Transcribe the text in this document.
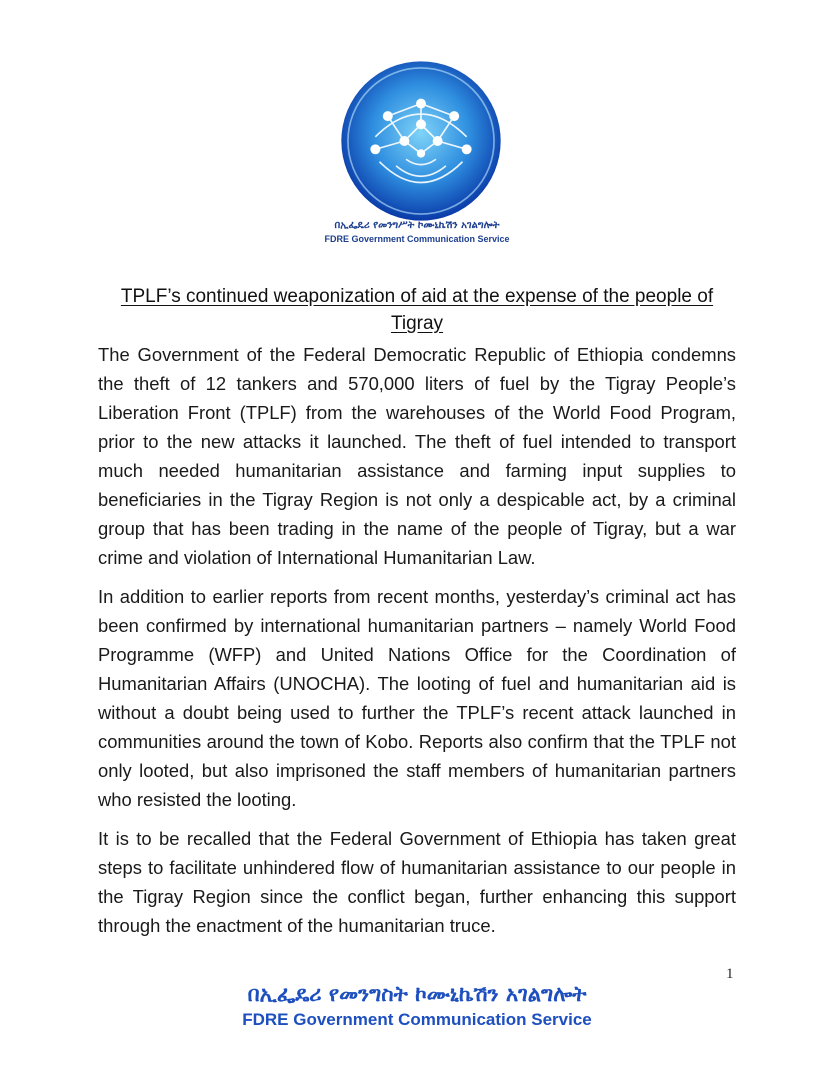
በኢፌዴሪ የመንግሥት ኮሙኒኬሽን አገልግሎት
FDRE Government Communication Service
TPLF’s continued weaponization of aid at the expense of the people of Tigray

The Government of the Federal Democratic Republic of Ethiopia condemns the theft of 12 tankers and 570,000 liters of fuel by the Tigray People’s Liberation Front (TPLF) from the warehouses of the World Food Program, prior to the new attacks it launched. The theft of fuel intended to transport much needed humanitarian assistance and farming input supplies to beneficiaries in the Tigray Region is not only a despicable act, by a criminal group that has been trading in the name of the people of Tigray, but a war crime and violation of International Humanitarian Law.

In addition to earlier reports from recent months, yesterday’s criminal act has been confirmed by international humanitarian partners – namely World Food Programme (WFP) and United Nations Office for the Coordination of Humanitarian Affairs (UNOCHA). The looting of fuel and humanitarian aid is without a doubt being used to further the TPLF’s recent attack launched in communities around the town of Kobo. Reports also confirm that the TPLF not only looted, but also imprisoned the staff members of humanitarian partners who resisted the looting.

It is to be recalled that the Federal Government of Ethiopia has taken great steps to facilitate unhindered flow of humanitarian assistance to our people in the Tigray Region since the conflict began, further enhancing this support through the enactment of the humanitarian truce.

1
በኢፌዴሪ የመንግስት ኮሙኒኬሽን አገልግሎት
FDRE Government Communication Service
